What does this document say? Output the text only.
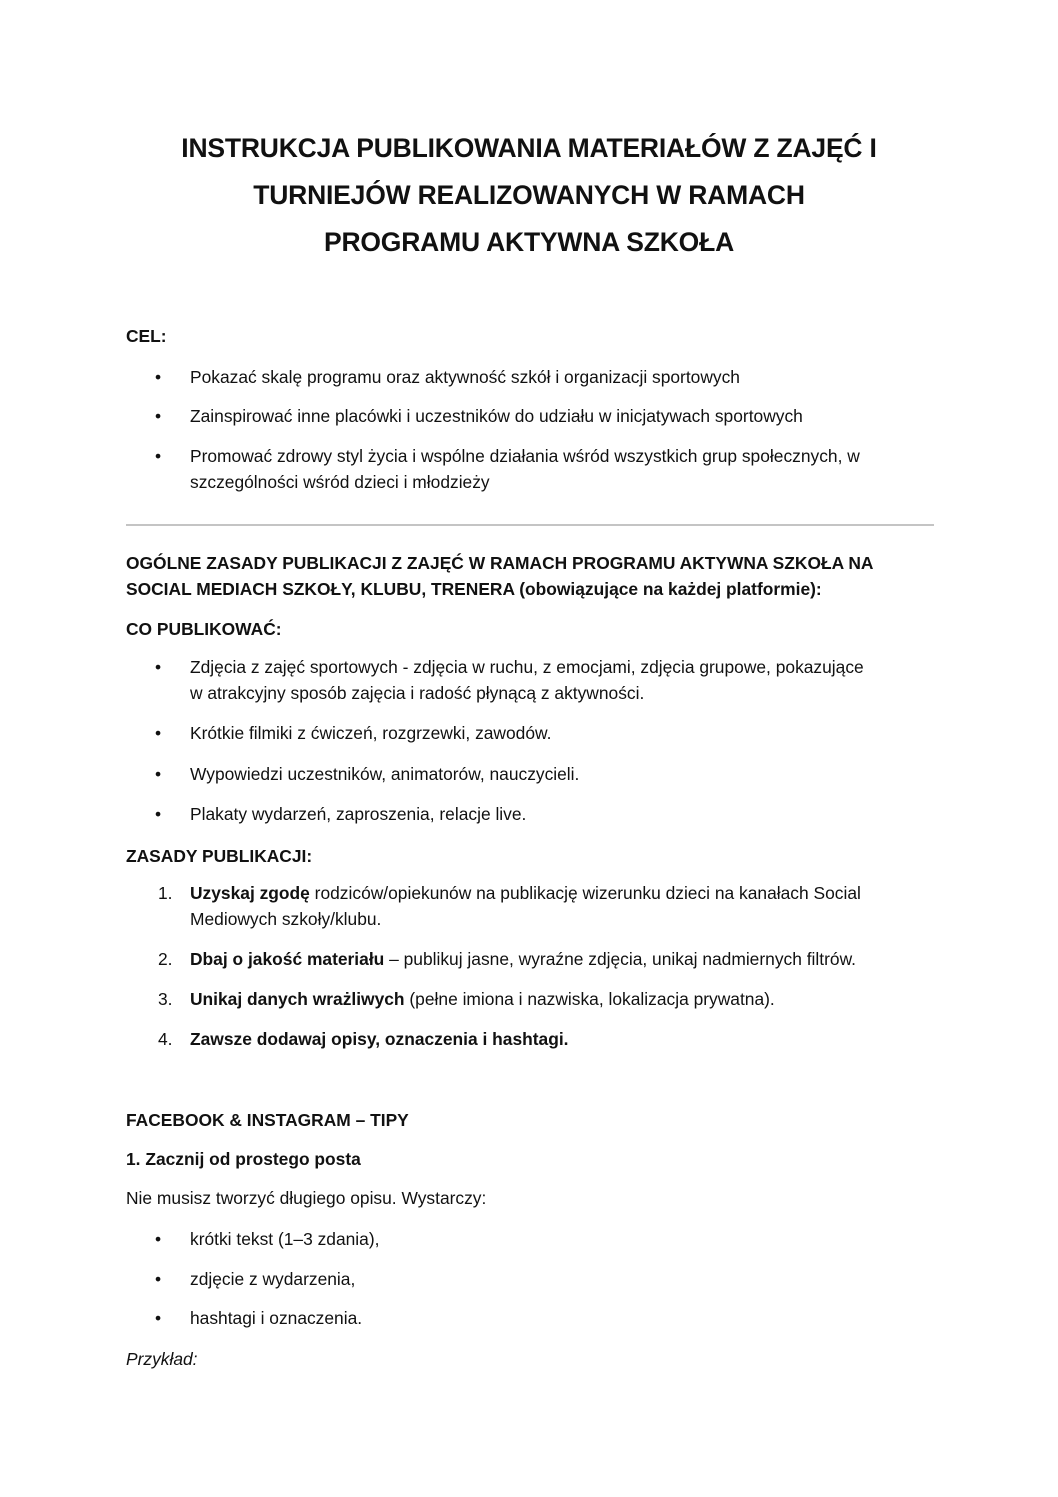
INSTRUKCJA PUBLIKOWANIA MATERIAŁÓW Z ZAJĘĆ I
TURNIEJÓW REALIZOWANYCH W RAMACH
PROGRAMU AKTYWNA SZKOŁA
CEL:
•	Pokazać skalę programu oraz aktywność szkół i organizacji sportowych
•	Zainspirować inne placówki i uczestników do udziału w inicjatywach sportowych
•	Promować zdrowy styl życia i wspólne działania wśród wszystkich grup społecznych, w
szczególności wśród dzieci i młodzieży
OGÓLNE ZASADY PUBLIKACJI Z ZAJĘĆ W RAMACH PROGRAMU AKTYWNA SZKOŁA NA
SOCIAL MEDIACH SZKOŁY, KLUBU, TRENERA (obowiązujące na każdej platformie):
CO PUBLIKOWAĆ:
•	Zdjęcia z zajęć sportowych - zdjęcia w ruchu, z emocjami, zdjęcia grupowe, pokazujące
w atrakcyjny sposób zajęcia i radość płynącą z aktywności.
•	Krótkie filmiki z ćwiczeń, rozgrzewki, zawodów.
•	Wypowiedzi uczestników, animatorów, nauczycieli.
•	Plakaty wydarzeń, zaproszenia, relacje live.
ZASADY PUBLIKACJI:
1. Uzyskaj zgodę rodziców/opiekunów na publikację wizerunku dzieci na kanałach Social
Mediowych szkoły/klubu.
2. Dbaj o jakość materiału – publikuj jasne, wyraźne zdjęcia, unikaj nadmiernych filtrów.
3. Unikaj danych wrażliwych (pełne imiona i nazwiska, lokalizacja prywatna).
4. Zawsze dodawaj opisy, oznaczenia i hashtagi.
FACEBOOK & INSTAGRAM – TIPY
1. Zacznij od prostego posta
Nie musisz tworzyć długiego opisu. Wystarczy:
•	krótki tekst (1–3 zdania),
•	zdjęcie z wydarzenia,
•	hashtagi i oznaczenia.
Przykład:
